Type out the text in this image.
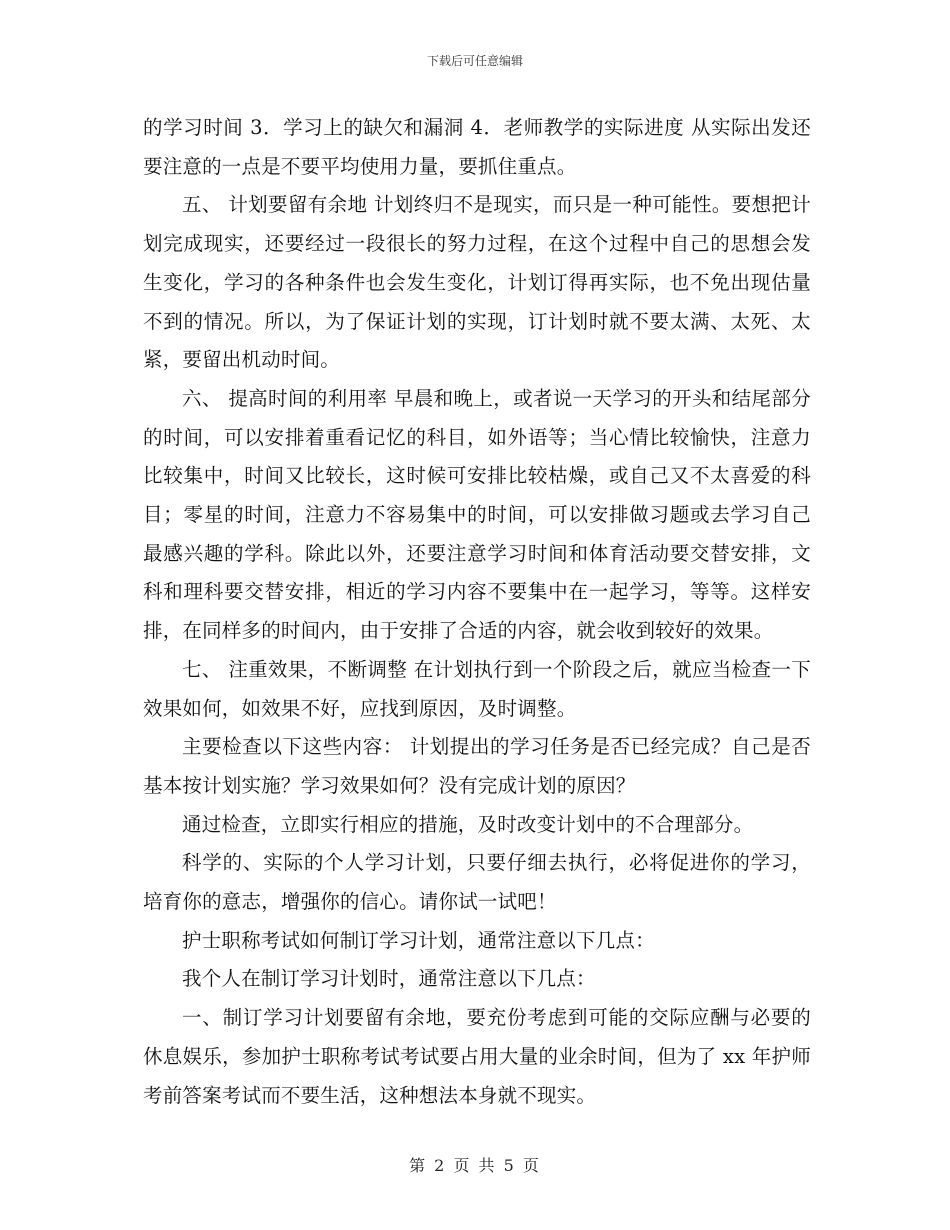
下载后可任意编辑

的学习时间 3．学习上的缺欠和漏洞 4．老师教学的实际进度 从实际出发还要注意的一点是不要平均使用力量，要抓住重点。

五、 计划要留有余地 计划终归不是现实，而只是一种可能性。要想把计划完成现实，还要经过一段很长的努力过程，在这个过程中自己的思想会发生变化，学习的各种条件也会发生变化，计划订得再实际，也不免出现估量不到的情况。所以，为了保证计划的实现，订计划时就不要太满、太死、太紧，要留出机动时间。

六、 提高时间的利用率 早晨和晚上，或者说一天学习的开头和结尾部分的时间，可以安排着重看记忆的科目，如外语等；当心情比较愉快，注意力比较集中，时间又比较长，这时候可安排比较枯燥，或自己又不太喜爱的科目；零星的时间，注意力不容易集中的时间，可以安排做习题或去学习自己最感兴趣的学科。除此以外，还要注意学习时间和体育活动要交替安排，文科和理科要交替安排，相近的学习内容不要集中在一起学习，等等。这样安排，在同样多的时间内，由于安排了合适的内容，就会收到较好的效果。

七、 注重效果，不断调整 在计划执行到一个阶段之后，就应当检查一下效果如何，如效果不好，应找到原因，及时调整。

主要检查以下这些内容： 计划提出的学习任务是否已经完成？自己是否基本按计划实施？学习效果如何？没有完成计划的原因？

通过检查，立即实行相应的措施，及时改变计划中的不合理部分。

科学的、实际的个人学习计划，只要仔细去执行，必将促进你的学习，培育你的意志，增强你的信心。请你试一试吧！

护士职称考试如何制订学习计划，通常注意以下几点：

我个人在制订学习计划时，通常注意以下几点：

一、制订学习计划要留有余地，要充份考虑到可能的交际应酬与必要的休息娱乐，参加护士职称考试考试要占用大量的业余时间，但为了 xx 年护师考前答案考试而不要生活，这种想法本身就不现实。

第 2 页 共 5 页
